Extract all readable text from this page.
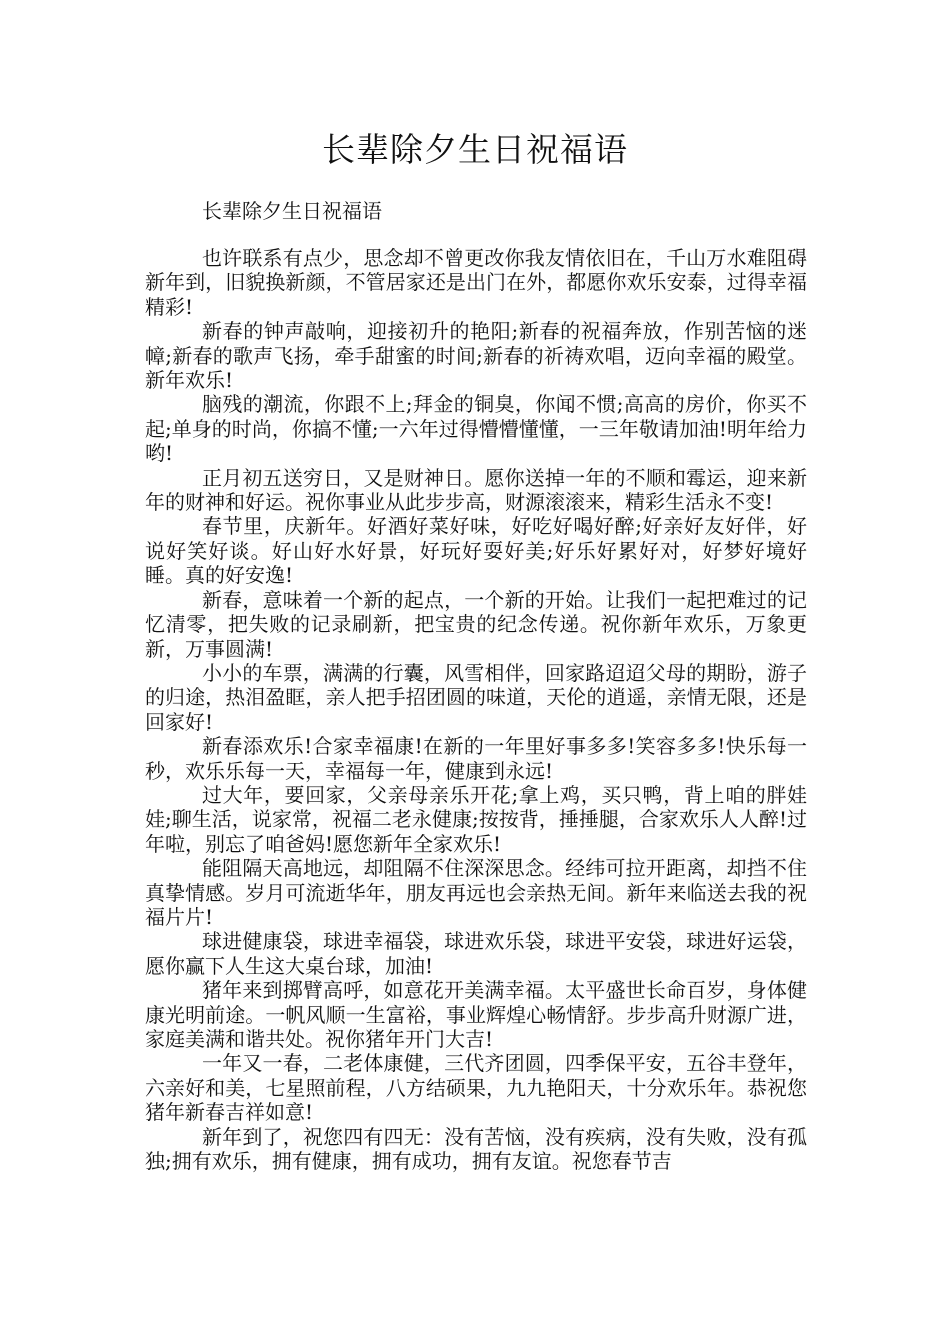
长辈除夕生日祝福语

长辈除夕生日祝福语

也许联系有点少，思念却不曾更改你我友情依旧在，千山万水难阻碍新年到，旧貌换新颜，不管居家还是出门在外，都愿你欢乐安泰，过得幸福精彩!

新春的钟声敲响，迎接初升的艳阳;新春的祝福奔放，作别苦恼的迷幛;新春的歌声飞扬，牵手甜蜜的时间;新春的祈祷欢唱，迈向幸福的殿堂。新年欢乐!

脑残的潮流，你跟不上;拜金的铜臭，你闻不惯;高高的房价，你买不起;单身的时尚，你搞不懂;一六年过得懵懵懂懂，一三年敬请加油!明年给力哟!

正月初五送穷日，又是财神日。愿你送掉一年的不顺和霉运，迎来新年的财神和好运。祝你事业从此步步高，财源滚滚来，精彩生活永不变!

春节里，庆新年。好酒好菜好味，好吃好喝好醉;好亲好友好伴，好说好笑好谈。好山好水好景，好玩好耍好美;好乐好累好对，好梦好境好睡。真的好安逸!

新春，意味着一个新的起点，一个新的开始。让我们一起把难过的记忆清零，把失败的记录刷新，把宝贵的纪念传递。祝你新年欢乐，万象更新，万事圆满!

小小的车票，满满的行囊，风雪相伴，回家路迢迢父母的期盼，游子的归途，热泪盈眶，亲人把手招团圆的味道，天伦的逍遥，亲情无限，还是回家好!

新春添欢乐!合家幸福康!在新的一年里好事多多!笑容多多!快乐每一秒，欢乐乐每一天，幸福每一年，健康到永远!

过大年，要回家，父亲母亲乐开花;拿上鸡，买只鸭，背上咱的胖娃娃;聊生活，说家常，祝福二老永健康;按按背，捶捶腿，合家欢乐人人醉!过年啦，别忘了咱爸妈!愿您新年全家欢乐!

能阻隔天高地远，却阻隔不住深深思念。经纬可拉开距离，却挡不住真挚情感。岁月可流逝华年，朋友再远也会亲热无间。新年来临送去我的祝福片片!

球进健康袋，球进幸福袋，球进欢乐袋，球进平安袋，球进好运袋，愿你赢下人生这大桌台球，加油!

猪年来到掷臂高呼，如意花开美满幸福。太平盛世长命百岁，身体健康光明前途。一帆风顺一生富裕，事业辉煌心畅情舒。步步高升财源广进，家庭美满和谐共处。祝你猪年开门大吉!

一年又一春，二老体康健，三代齐团圆，四季保平安，五谷丰登年，六亲好和美，七星照前程，八方结硕果，九九艳阳天，十分欢乐年。恭祝您猪年新春吉祥如意!

新年到了，祝您四有四无：没有苦恼，没有疾病，没有失败，没有孤独;拥有欢乐，拥有健康，拥有成功，拥有友谊。祝您春节吉
